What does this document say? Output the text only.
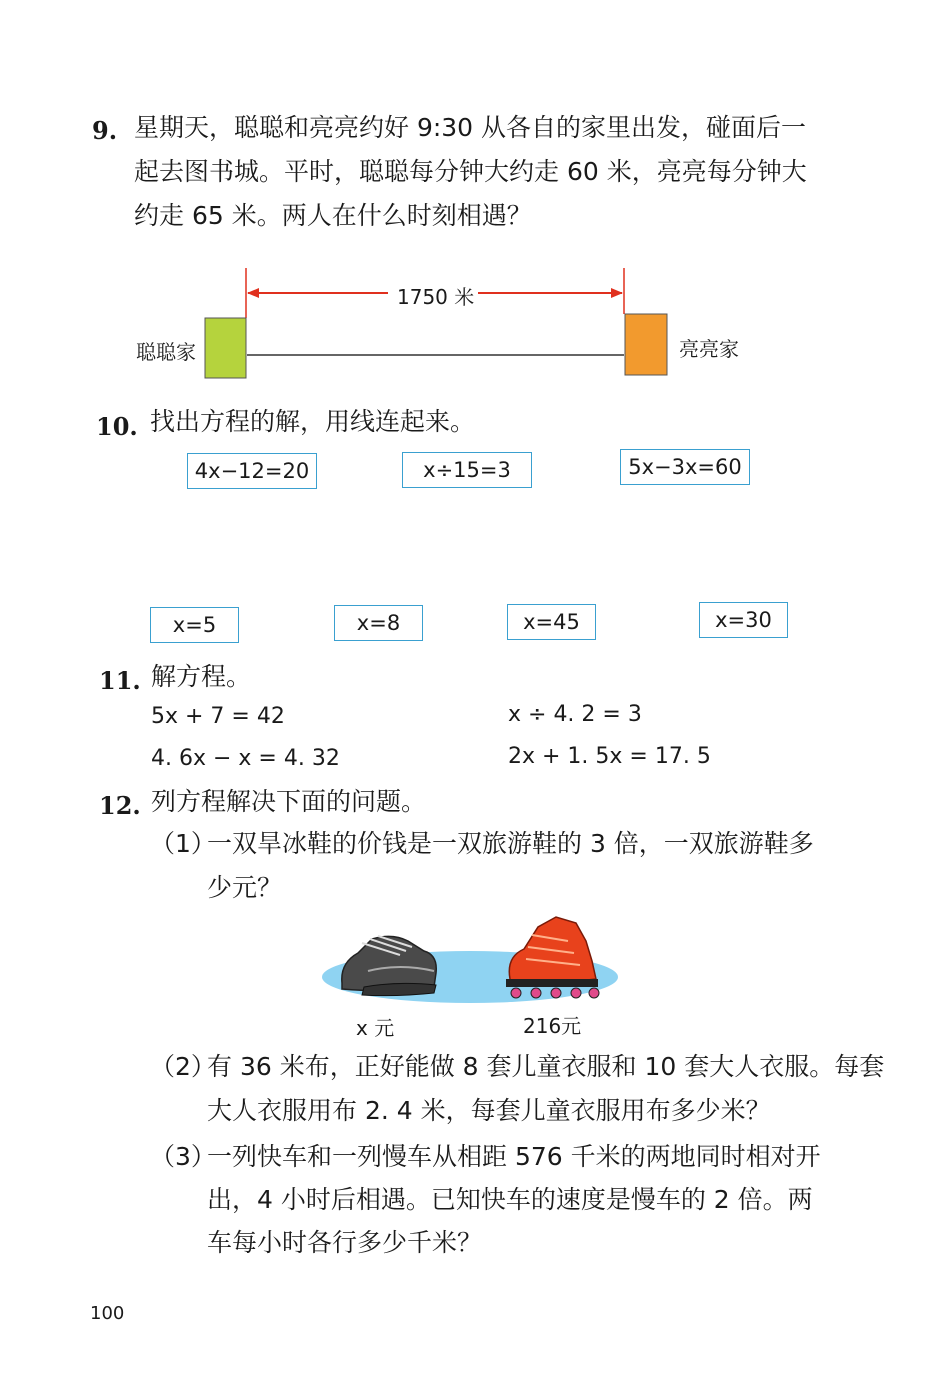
9. 星期天，聪聪和亮亮约好 9:30 从各自的家里出发，碰面后一
起去图书城。平时，聪聪每分钟大约走 60 米，亮亮每分钟大
约走 65 米。两人在什么时刻相遇？
1750 米
聪聪家	亮亮家
10. 找出方程的解，用线连起来。
4x−12=20	x÷15=3	5x−3x=60
x=5	x=8	x=45	x=30
11. 解方程。
5x + 7 = 42	x ÷ 4. 2 = 3
4. 6x − x = 4. 32	2x + 1. 5x = 17. 5
12. 列方程解决下面的问题。
（1）
一双旱冰鞋的价钱是一双旅游鞋的 3 倍，一双旅游鞋多
少元？
x 元	216元
（2）
有 36 米布，正好能做 8 套儿童衣服和 10 套大人衣服。每套
大人衣服用布 2. 4 米，每套儿童衣服用布多少米？
（3）
一列快车和一列慢车从相距 576 千米的两地同时相对开
出，4 小时后相遇。已知快车的速度是慢车的 2 倍。两
车每小时各行多少千米？
100
